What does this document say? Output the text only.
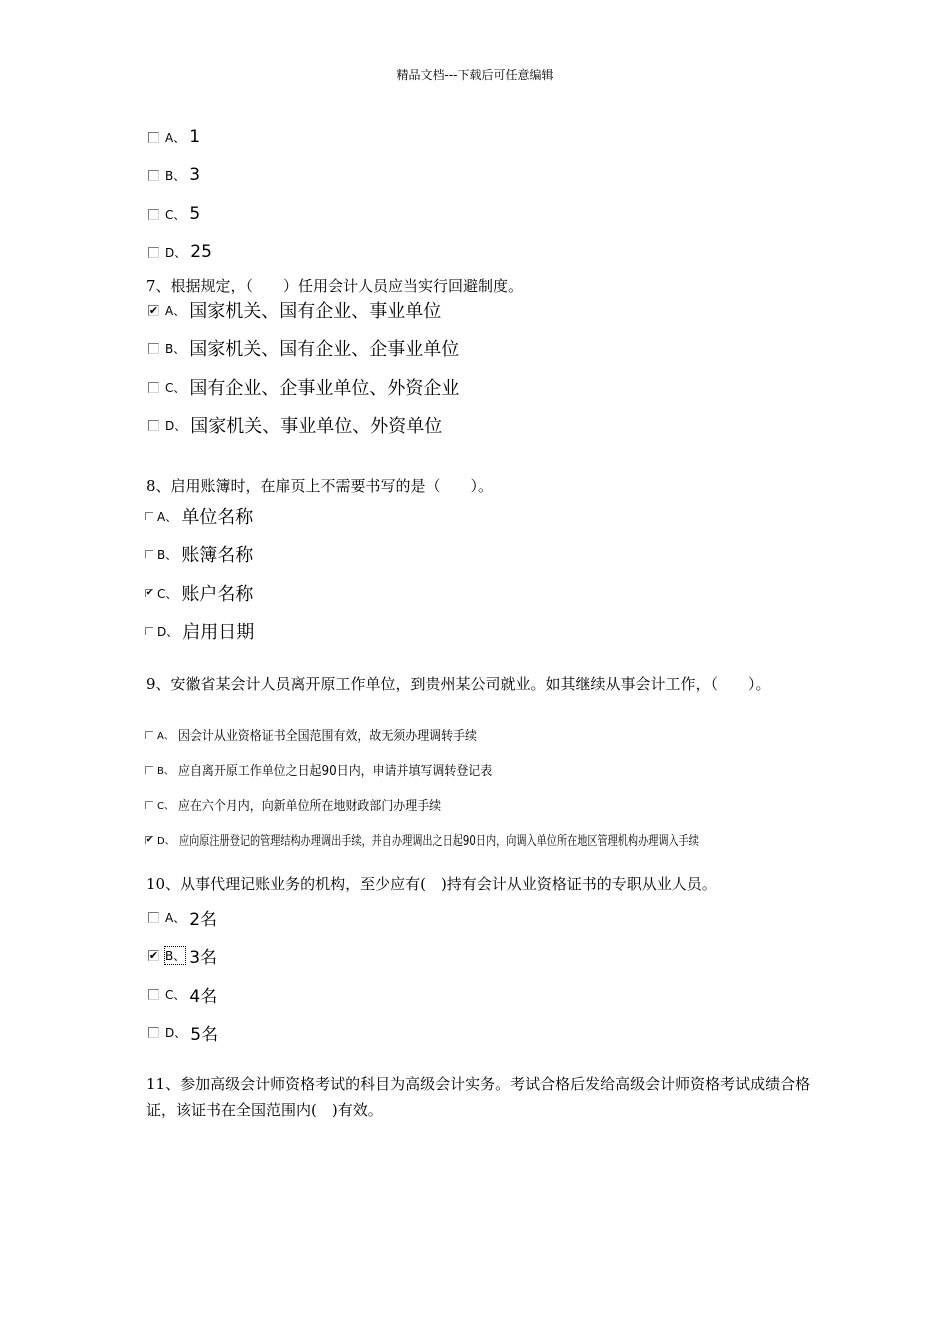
精品文档---下载后可任意编辑
A、 1
B、 3
C、 5
D、 25
7、根据规定，（　　）任用会计人员应当实行回避制度。
✔ A、 国家机关、国有企业、事业单位
B、 国家机关、国有企业、企事业单位
C、 国有企业、企事业单位、外资企业
D、 国家机关、事业单位、外资单位
8、启用账簿时，在扉页上不需要书写的是（　　）。
A、 单位名称
B、 账簿名称
✔ C、 账户名称
D、 启用日期
9、安徽省某会计人员离开原工作单位，到贵州某公司就业。如其继续从事会计工作，（　　）。
A、 因会计从业资格证书全国范围有效，故无须办理调转手续
B、 应自离开原工作单位之日起90日内，申请并填写调转登记表
C、 应在六个月内，向新单位所在地财政部门办理手续
✔ D、 应向原注册登记的管理结构办理调出手续，并自办理调出之日起90日内，向调入单位所在地区管理机构办理调入手续
10、从事代理记账业务的机构，至少应有(　)持有会计从业资格证书的专职从业人员。
A、 2名
✔ B、 3名
C、 4名
D、 5名
11、参加高级会计师资格考试的科目为高级会计实务。考试合格后发给高级会计师资格考试成绩合格证，该证书在全国范围内(　)有效。
